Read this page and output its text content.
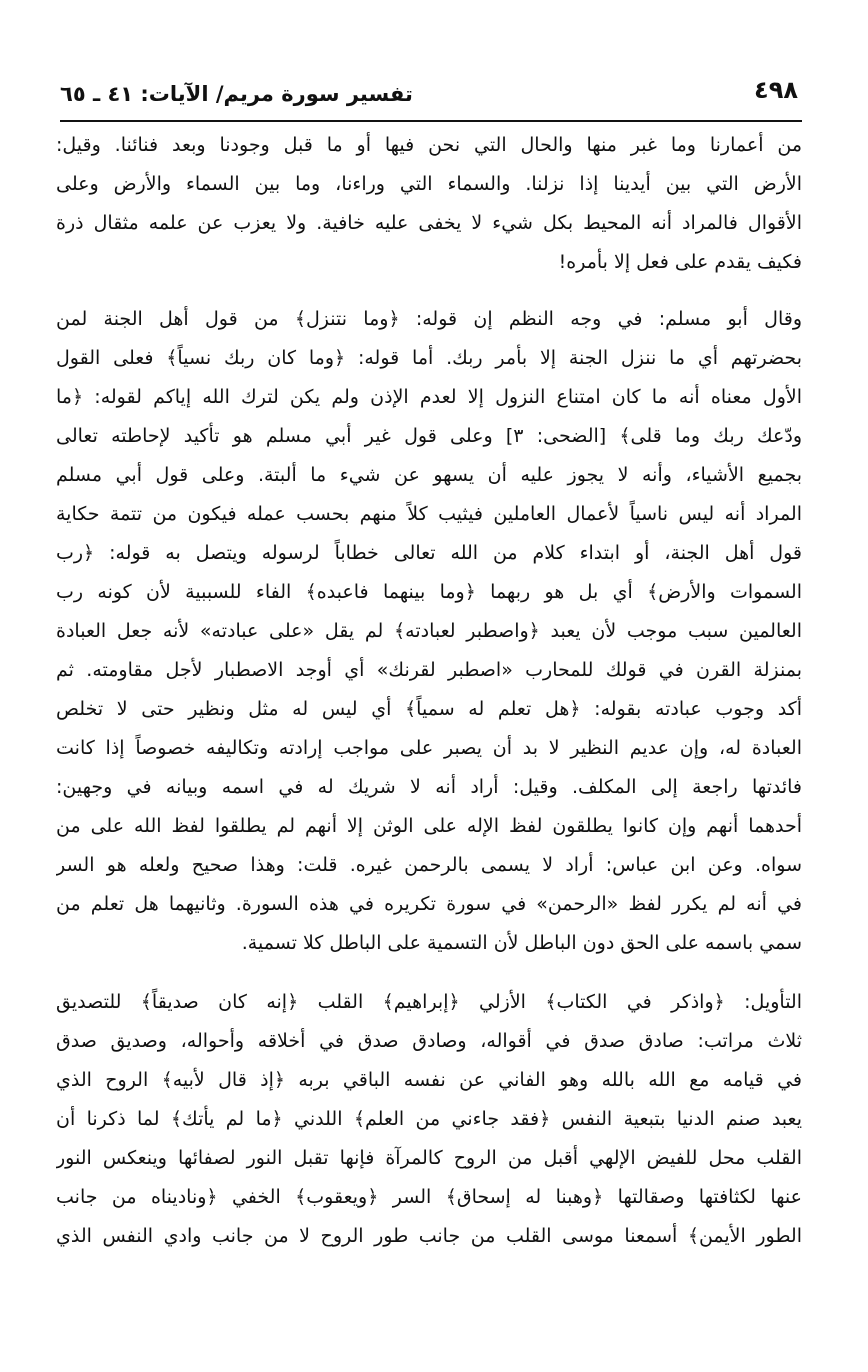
٤٩٨
تفسير سورة مريم/ الآيات: ٤١ ـ ٦٥
من أعمارنا وما غبر منها والحال التي نحن فيها أو ما قبل وجودنا وبعد فنائنا. وقيل:
الأرض التي بين أيدينا إذا نزلنا. والسماء التي وراءنا، وما بين السماء والأرض وعلى
الأقوال فالمراد أنه المحيط بكل شيء لا يخفى عليه خافية. ولا يعزب عن علمه مثقال ذرة
فكيف يقدم على فعل إلا بأمره!
وقال أبو مسلم: في وجه النظم إن قوله: ﴿وما نتنزل﴾ من قول أهل الجنة لمن
بحضرتهم أي ما ننزل الجنة إلا بأمر ربك. أما قوله: ﴿وما كان ربك نسياً﴾ فعلى القول
الأول معناه أنه ما كان امتناع النزول إلا لعدم الإذن ولم يكن لترك الله إياكم لقوله: ﴿ما
ودّعك ربك وما قلى﴾ [الضحى: ٣] وعلى قول غير أبي مسلم هو تأكيد لإحاطته تعالى
بجميع الأشياء، وأنه لا يجوز عليه أن يسهو عن شيء ما ألبتة. وعلى قول أبي مسلم
المراد أنه ليس ناسياً لأعمال العاملين فيثيب كلاً منهم بحسب عمله فيكون من تتمة حكاية
قول أهل الجنة، أو ابتداء كلام من الله تعالى خطاباً لرسوله ويتصل به قوله: ﴿رب
السموات والأرض﴾ أي بل هو ربهما ﴿وما بينهما فاعبده﴾ الفاء للسببية لأن كونه رب
العالمين سبب موجب لأن يعبد ﴿واصطبر لعبادته﴾ لم يقل «على عبادته» لأنه جعل العبادة
بمنزلة القرن في قولك للمحارب «اصطبر لقرنك» أي أوجد الاصطبار لأجل مقاومته. ثم
أكد وجوب عبادته بقوله: ﴿هل تعلم له سمياً﴾ أي ليس له مثل ونظير حتى لا تخلص
العبادة له، وإن عديم النظير لا بد أن يصبر على مواجب إرادته وتكاليفه خصوصاً إذا كانت
فائدتها راجعة إلى المكلف. وقيل: أراد أنه لا شريك له في اسمه وبيانه في وجهين:
أحدهما أنهم وإن كانوا يطلقون لفظ الإله على الوثن إلا أنهم لم يطلقوا لفظ الله على من
سواه. وعن ابن عباس: أراد لا يسمى بالرحمن غيره. قلت: وهذا صحيح ولعله هو السر
في أنه لم يكرر لفظ «الرحمن» في سورة تكريره في هذه السورة. وثانيهما هل تعلم من
سمي باسمه على الحق دون الباطل لأن التسمية على الباطل كلا تسمية.
التأويل: ﴿واذكر في الكتاب﴾ الأزلي ﴿إبراهيم﴾ القلب ﴿إنه كان صديقاً﴾ للتصديق
ثلاث مراتب: صادق صدق في أقواله، وصادق صدق في أخلاقه وأحواله، وصديق صدق
في قيامه مع الله بالله وهو الفاني عن نفسه الباقي بربه ﴿إذ قال لأبيه﴾ الروح الذي
يعبد صنم الدنيا بتبعية النفس ﴿فقد جاءني من العلم﴾ اللدني ﴿ما لم يأتك﴾ لما ذكرنا أن
القلب محل للفيض الإلهي أقبل من الروح كالمرآة فإنها تقبل النور لصفائها وينعكس النور
عنها لكثافتها وصقالتها ﴿وهبنا له إسحاق﴾ السر ﴿ويعقوب﴾ الخفي ﴿وناديناه من جانب
الطور الأيمن﴾ أسمعنا موسى القلب من جانب طور الروح لا من جانب وادي النفس الذي
